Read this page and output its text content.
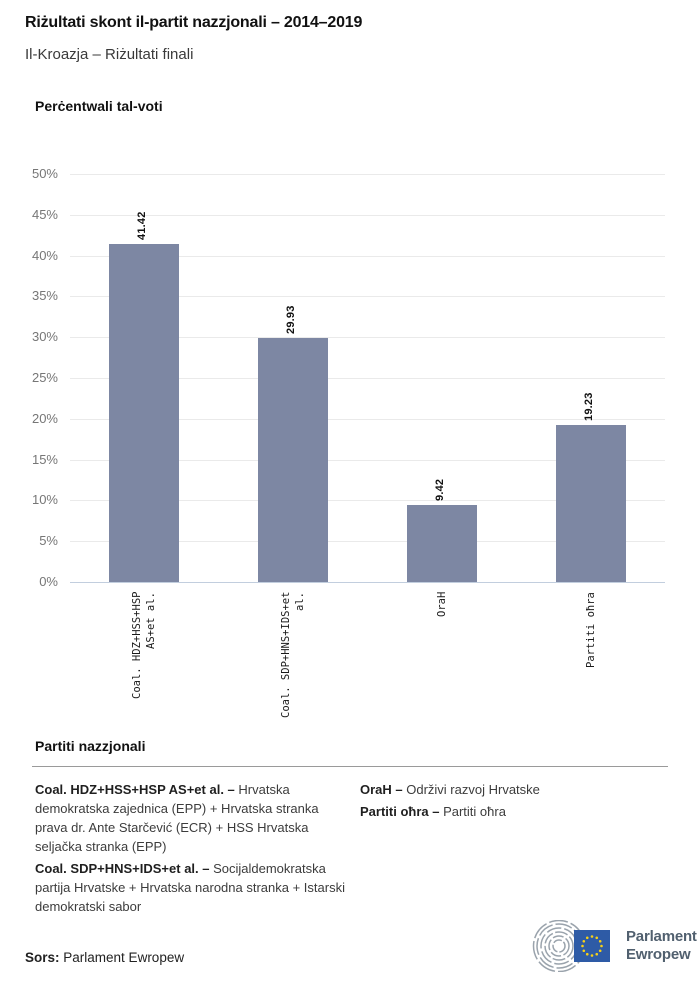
Riżultati skont il-partit nazzjonali – 2014–2019
Il-Kroazja – Riżultati finali
Perċentwali tal-voti
0%
5%
10%
15%
20%
25%
30%
35%
40%
45%
50%
41.42
29.93
9.42
19.23
Coal. HDZ+HSS+HSP AS+et al.	Coal. SDP+HNS+IDS+et al.	OraH	Partiti oħra
Partiti nazzjonali

Coal. HDZ+HSS+HSP AS+et al. – Hrvatska demokratska zajednica (EPP) + Hrvatska stranka prava dr. Ante Starčević (ECR) + HSS Hrvatska seljačka stranka (EPP)

Coal. SDP+HNS+IDS+et al. – Socijaldemokratska partija Hrvatske + Hrvatska narodna stranka + Istarski demokratski sabor

OraH – Održivi razvoj Hrvatske

Partiti oħra – Partiti oħra

Sors: Parlament Ewropew

Parlament
Ewropew
